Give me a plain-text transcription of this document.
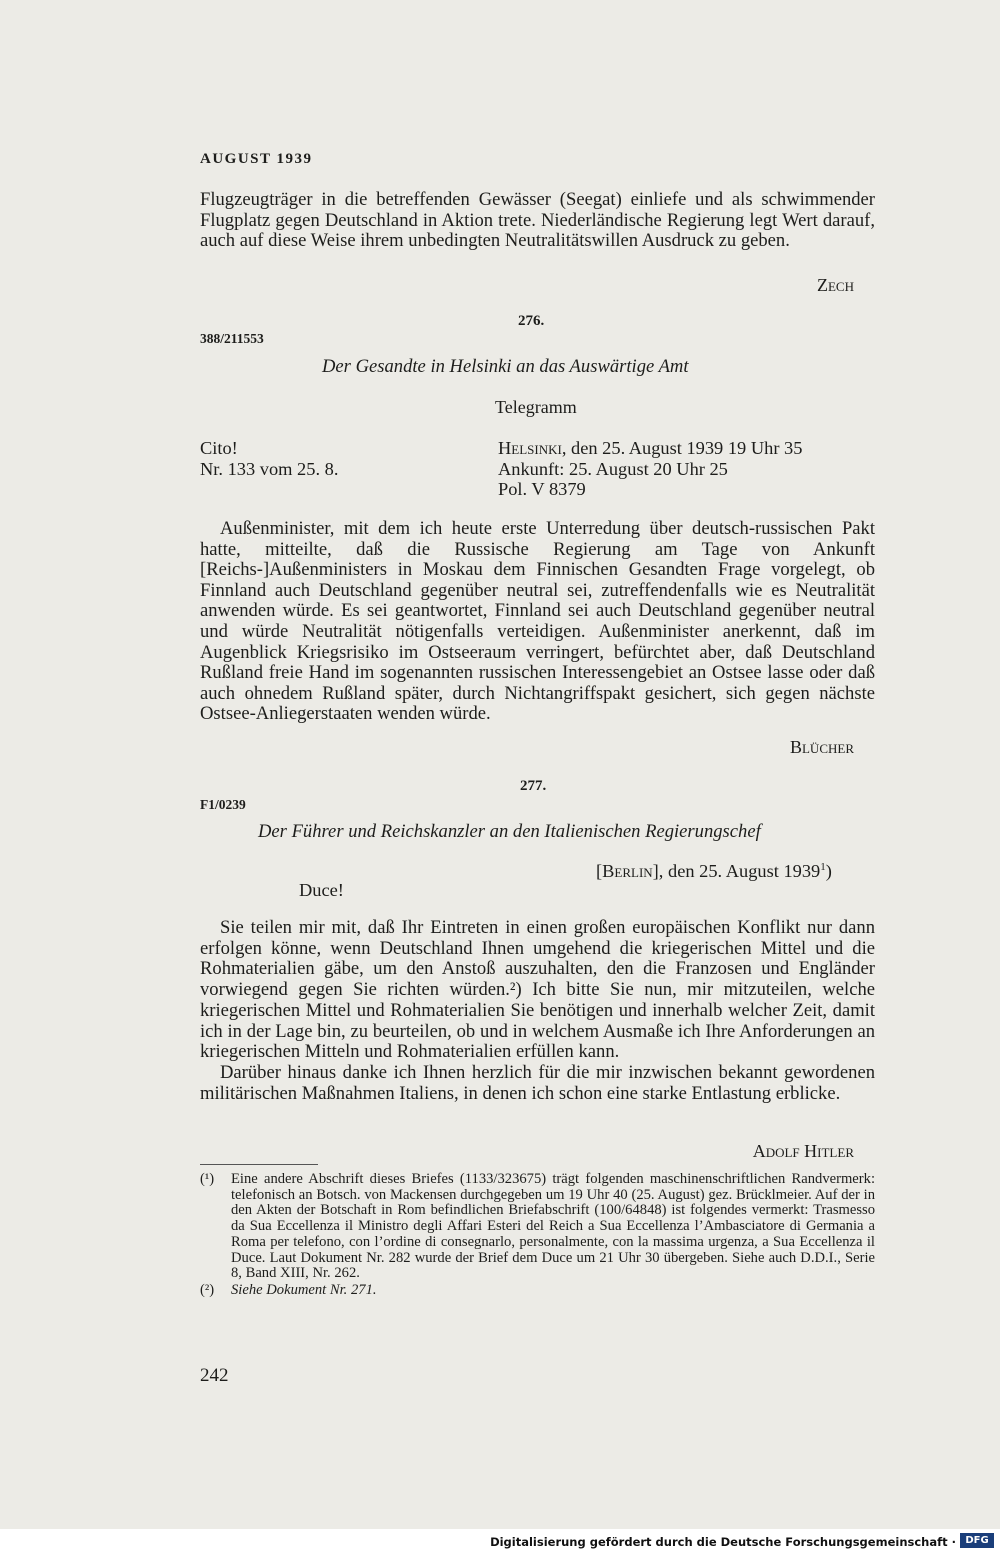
AUGUST 1939

Flugzeugträger in die betreffenden Gewässer (Seegat) einliefe und als schwimmender Flugplatz gegen Deutschland in Aktion trete. Niederländische Regierung legt Wert darauf, auch auf diese Weise ihrem unbedingten Neutralitätswillen Ausdruck zu geben.

Zech
276.
388/211553
Der Gesandte in Helsinki an das Auswärtige Amt
Telegramm
Cito!
Nr. 133 vom 25. 8.
Helsinki, den 25. August 1939 19 Uhr 35
Ankunft: 25. August 20 Uhr 25
Pol. V 8379
Außenminister, mit dem ich heute erste Unterredung über deutsch-russischen Pakt hatte, mitteilte, daß die Russische Regierung am Tage von Ankunft [Reichs-]Außenministers in Moskau dem Finnischen Gesandten Frage vorgelegt, ob Finnland auch Deutschland gegenüber neutral sei, zutreffendenfalls wie es Neutralität anwenden würde. Es sei geantwortet, Finnland sei auch Deutschland gegenüber neutral und würde Neutralität nötigenfalls verteidigen. Außenminister anerkennt, daß im Augenblick Kriegsrisiko im Ostseeraum verringert, befürchtet aber, daß Deutschland Rußland freie Hand im sogenannten russischen Interessengebiet an Ostsee lasse oder daß auch ohnedem Rußland später, durch Nichtangriffspakt gesichert, sich gegen nächste Ostsee-Anliegerstaaten wenden würde.
Blücher
277.
F1/0239
Der Führer und Reichskanzler an den Italienischen Regierungschef
[Berlin], den 25. August 1939$^1$)
Duce!

Sie teilen mir mit, daß Ihr Eintreten in einen großen europäischen Konflikt nur dann erfolgen könne, wenn Deutschland Ihnen umgehend die kriegerischen Mittel und die Rohmaterialien gäbe, um den Anstoß auszuhalten, den die Franzosen und Engländer vorwiegend gegen Sie richten würden.²) Ich bitte Sie nun, mir mitzuteilen, welche kriegerischen Mittel und Rohmaterialien Sie benötigen und innerhalb welcher Zeit, damit ich in der Lage bin, zu beurteilen, ob und in welchem Ausmaße ich Ihre Anforderungen an kriegerischen Mitteln und Rohmaterialien erfüllen kann.

Darüber hinaus danke ich Ihnen herzlich für die mir inzwischen bekannt gewordenen militärischen Maßnahmen Italiens, in denen ich schon eine starke Entlastung erblicke.

Adolf Hitler
(¹)	Eine andere Abschrift dieses Briefes (1133/323675) trägt folgenden maschinenschriftlichen Randvermerk: telefonisch an Botsch. von Mackensen durchgegeben um 19 Uhr 40 (25. August) gez. Brücklmeier. Auf der in den Akten der Botschaft in Rom befindlichen Briefabschrift (100/64848) ist folgendes vermerkt: Trasmesso da Sua Eccellenza il Ministro degli Affari Esteri del Reich a Sua Eccellenza l’Ambasciatore di Germania a Roma per telefono, con l’ordine di consegnarlo, personalmente, con la massima urgenza, a Sua Eccellenza il Duce. Laut Dokument Nr. 282 wurde der Brief dem Duce um 21 Uhr 30 übergeben. Siehe auch D.D.I., Serie 8, Band XIII, Nr. 262.
(²)	Siehe Dokument Nr. 271.
242
Digitalisierung gefördert durch die Deutsche Forschungsgemeinschaft · DFG
